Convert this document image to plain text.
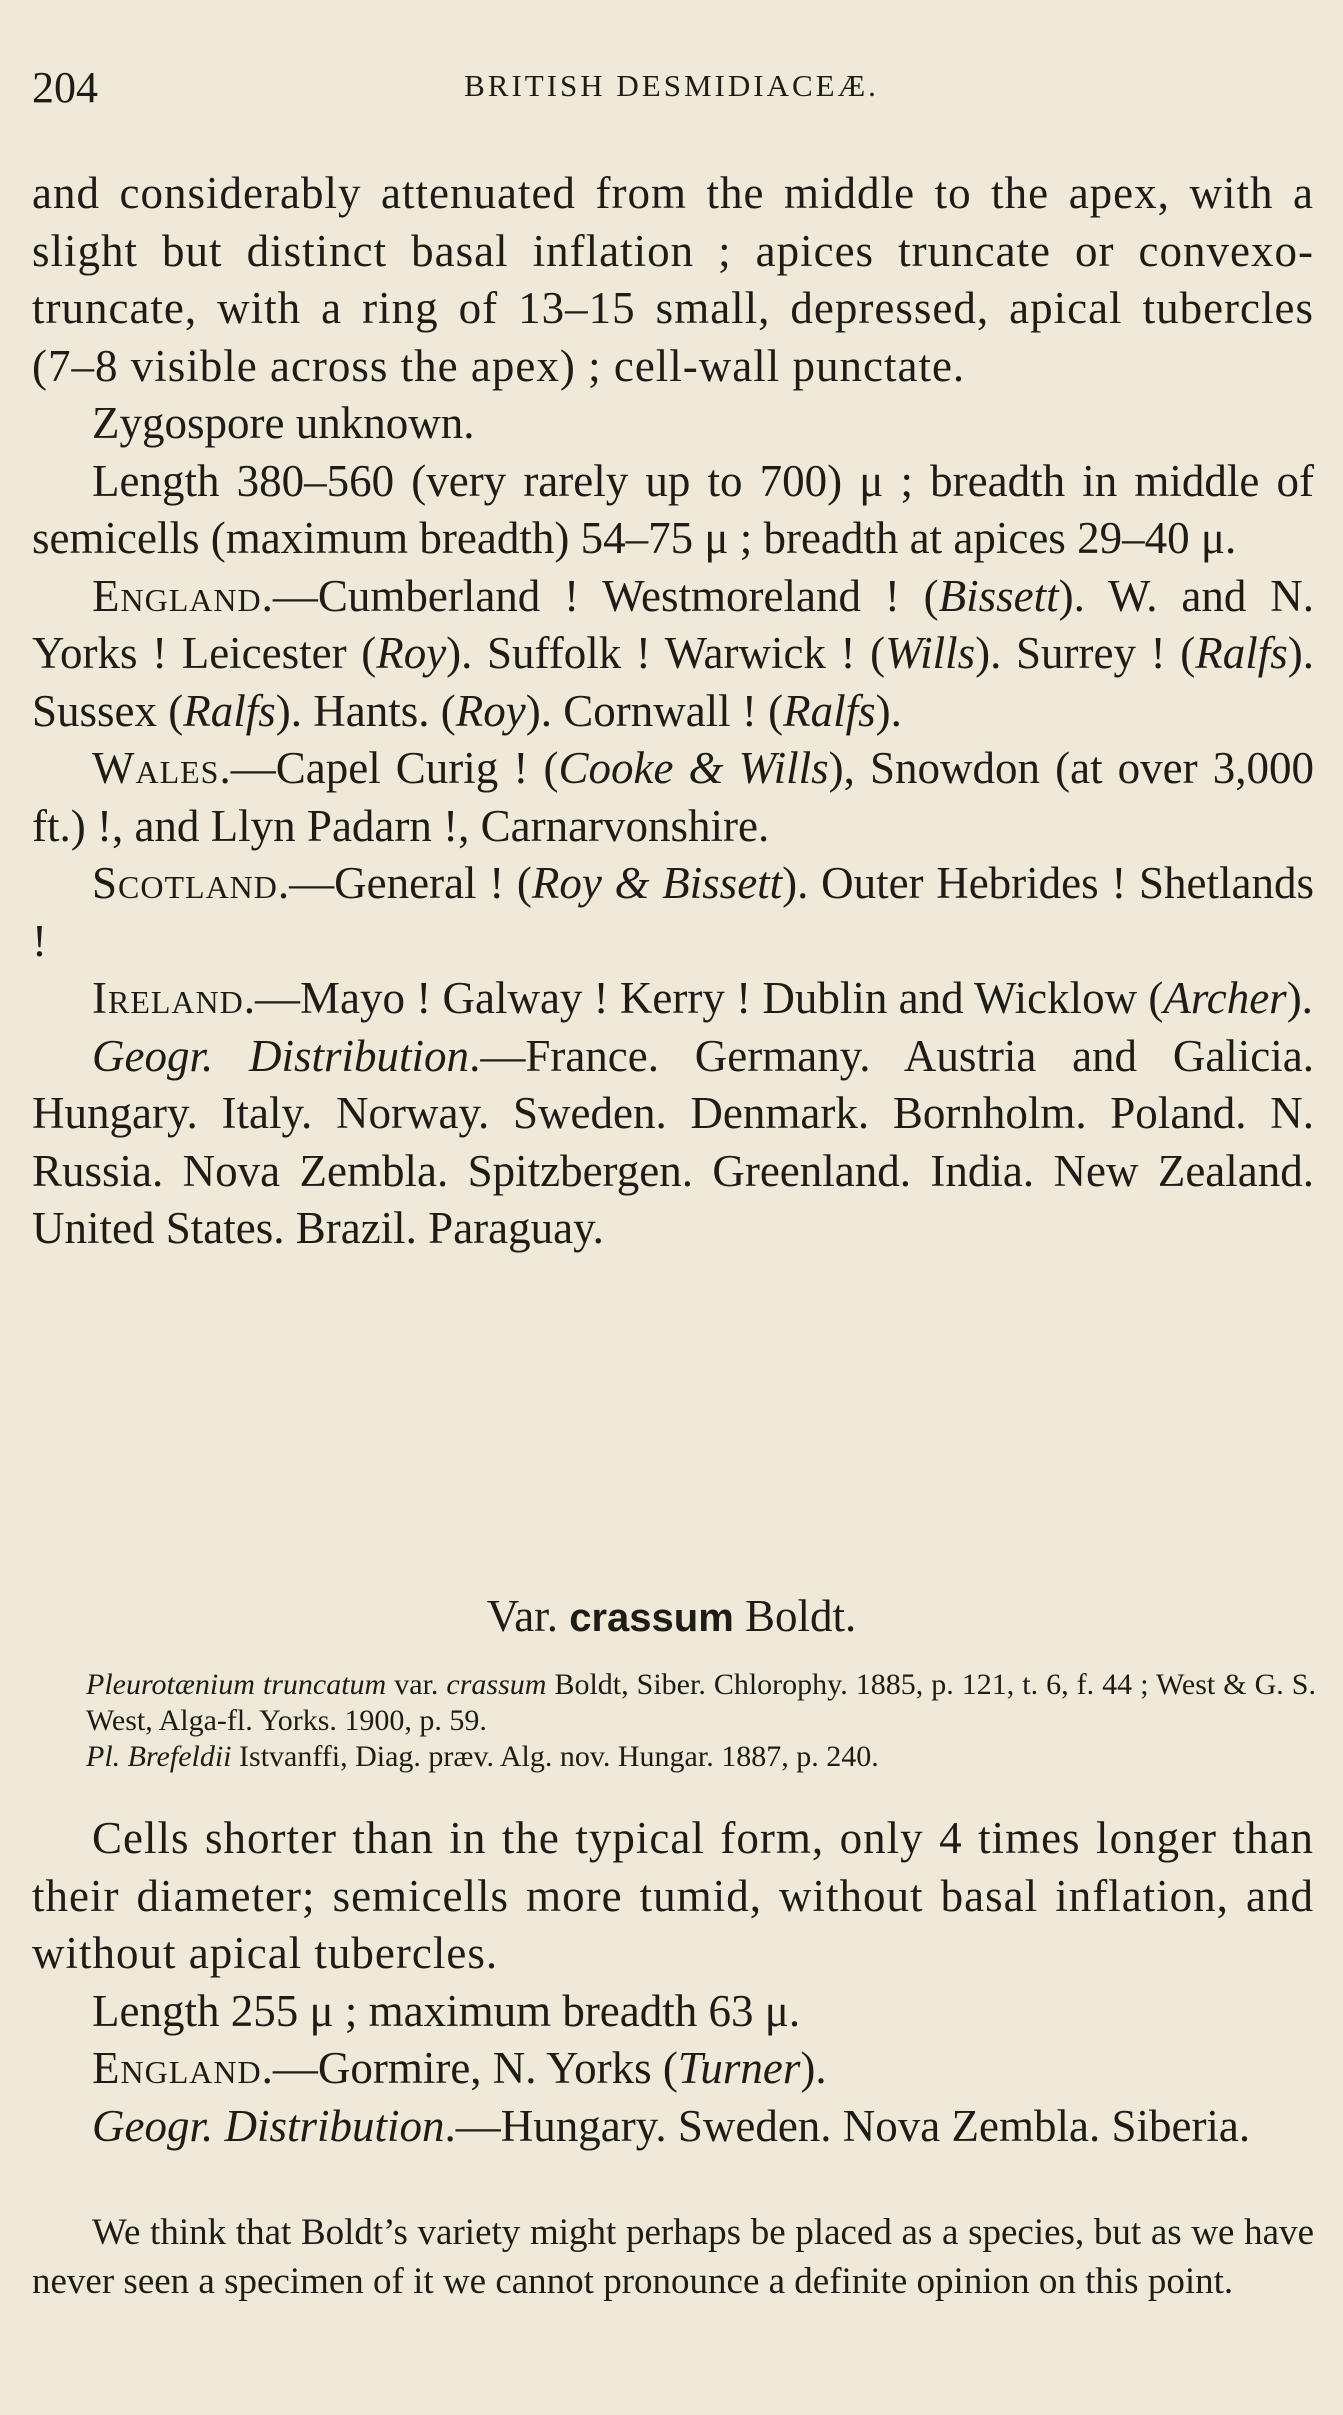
204	BRITISH DESMIDIACEÆ.

and considerably attenuated from the middle to the apex, with a slight but distinct basal inflation ; apices truncate or convexo-truncate, with a ring of 13–15 small, depressed, apical tubercles (7–8 visible across the apex) ; cell-wall punctate.

Zygospore unknown.

Length 380–560 (very rarely up to 700) μ ; breadth in middle of semicells (maximum breadth) 54–75 μ ; breadth at apices 29–40 μ.

England.—Cumberland ! Westmoreland ! (Bissett). W. and N. Yorks ! Leicester (Roy). Suffolk ! Warwick ! (Wills). Surrey ! (Ralfs). Sussex (Ralfs). Hants. (Roy). Cornwall ! (Ralfs).

Wales.—Capel Curig ! (Cooke & Wills), Snowdon (at over 3,000 ft.) !, and Llyn Padarn !, Carnarvonshire.

Scotland.—General ! (Roy & Bissett). Outer Hebrides ! Shetlands !

Ireland.—Mayo ! Galway ! Kerry ! Dublin and Wicklow (Archer).

Geogr. Distribution.—France. Germany. Austria and Galicia. Hungary. Italy. Norway. Sweden. Denmark. Bornholm. Poland. N. Russia. Nova Zembla. Spitzbergen. Greenland. India. New Zealand. United States. Brazil. Paraguay.

Var. crassum Boldt.

Pleurotænium truncatum var. crassum Boldt, Siber. Chlorophy. 1885, p. 121, t. 6, f. 44 ; West & G. S. West, Alga-fl. Yorks. 1900, p. 59.

Pl. Brefeldii Istvanffi, Diag. præv. Alg. nov. Hungar. 1887, p. 240.

Cells shorter than in the typical form, only 4 times longer than their diameter; semicells more tumid, without basal inflation, and without apical tubercles.

Length 255 μ ; maximum breadth 63 μ.

England.—Gormire, N. Yorks (Turner).

Geogr. Distribution.—Hungary. Sweden. Nova Zembla. Siberia.

We think that Boldt’s variety might perhaps be placed as a species, but as we have never seen a specimen of it we cannot pronounce a definite opinion on this point.
